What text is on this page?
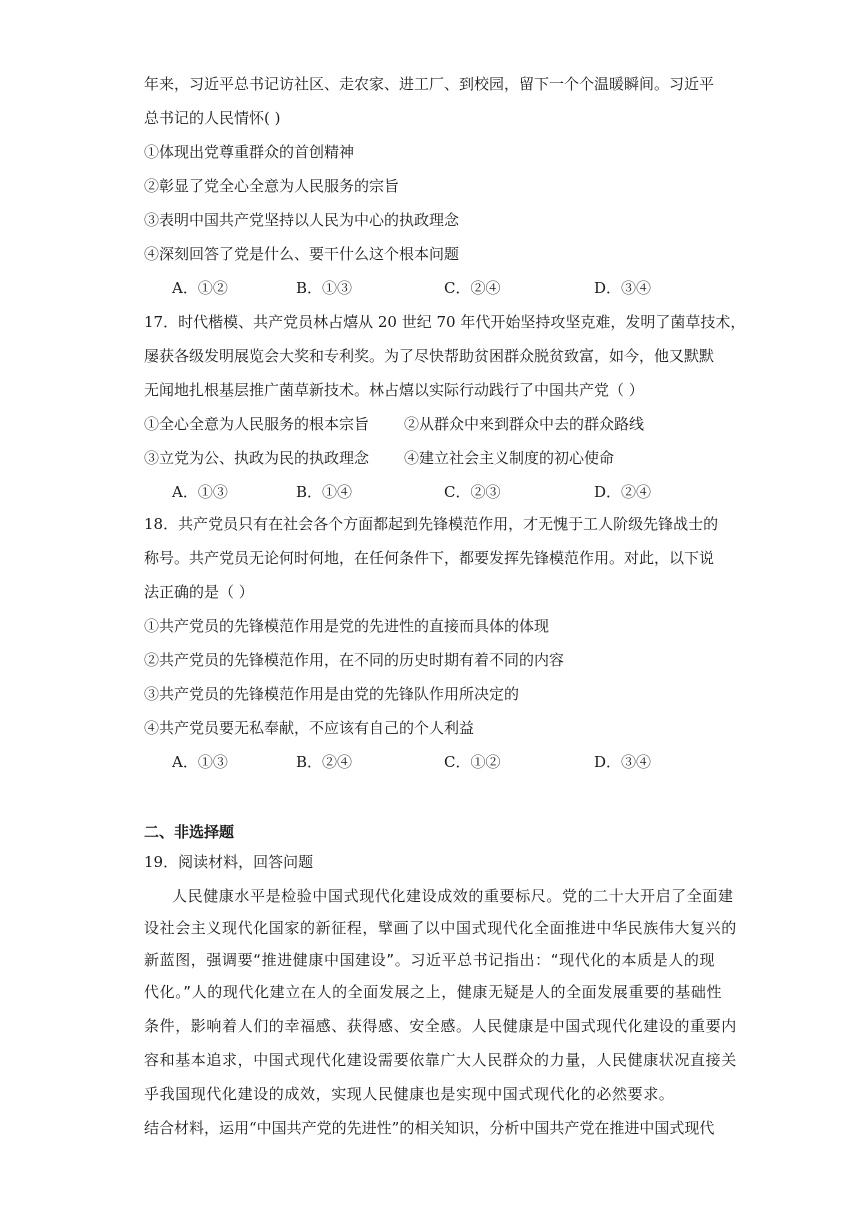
年来，习近平总书记访社区、走农家、进工厂、到校园，留下一个个温暖瞬间。习近平
总书记的人民情怀( )
①体现出党尊重群众的首创精神
②彰显了党全心全意为人民服务的宗旨
③表明中国共产党坚持以人民为中心的执政理念
④深刻回答了党是什么、要干什么这个根本问题
A．①②	B．①③	C．②④	D．③④
17．时代楷模、共产党员林占熺从 20 世纪 70 年代开始坚持攻坚克难，发明了菌草技术，
屡获各级发明展览会大奖和专利奖。为了尽快帮助贫困群众脱贫致富，如今，他又默默
无闻地扎根基层推广菌草新技术。林占熺以实际行动践行了中国共产党（ ）
①全心全意为人民服务的根本宗旨 ②从群众中来到群众中去的群众路线
③立党为公、执政为民的执政理念 ④建立社会主义制度的初心使命
A．①③	B．①④	C．②③	D．②④
18．共产党员只有在社会各个方面都起到先锋模范作用，才无愧于工人阶级先锋战士的
称号。共产党员无论何时何地，在任何条件下，都要发挥先锋模范作用。对此，以下说
法正确的是（ ）
①共产党员的先锋模范作用是党的先进性的直接而具体的体现
②共产党员的先锋模范作用，在不同的历史时期有着不同的内容
③共产党员的先锋模范作用是由党的先锋队作用所决定的
④共产党员要无私奉献，不应该有自己的个人利益
A．①③	B．②④	C．①②	D．③④
二、非选择题
19．阅读材料，回答问题
人民健康水平是检验中国式现代化建设成效的重要标尺。党的二十大开启了全面建
设社会主义现代化国家的新征程，擘画了以中国式现代化全面推进中华民族伟大复兴的
新蓝图，强调要“推进健康中国建设”。习近平总书记指出：“现代化的本质是人的现
代化。”人的现代化建立在人的全面发展之上，健康无疑是人的全面发展重要的基础性
条件，影响着人们的幸福感、获得感、安全感。人民健康是中国式现代化建设的重要内
容和基本追求，中国式现代化建设需要依靠广大人民群众的力量，人民健康状况直接关
乎我国现代化建设的成效，实现人民健康也是实现中国式现代化的必然要求。
结合材料，运用“中国共产党的先进性”的相关知识，分析中国共产党在推进中国式现代
